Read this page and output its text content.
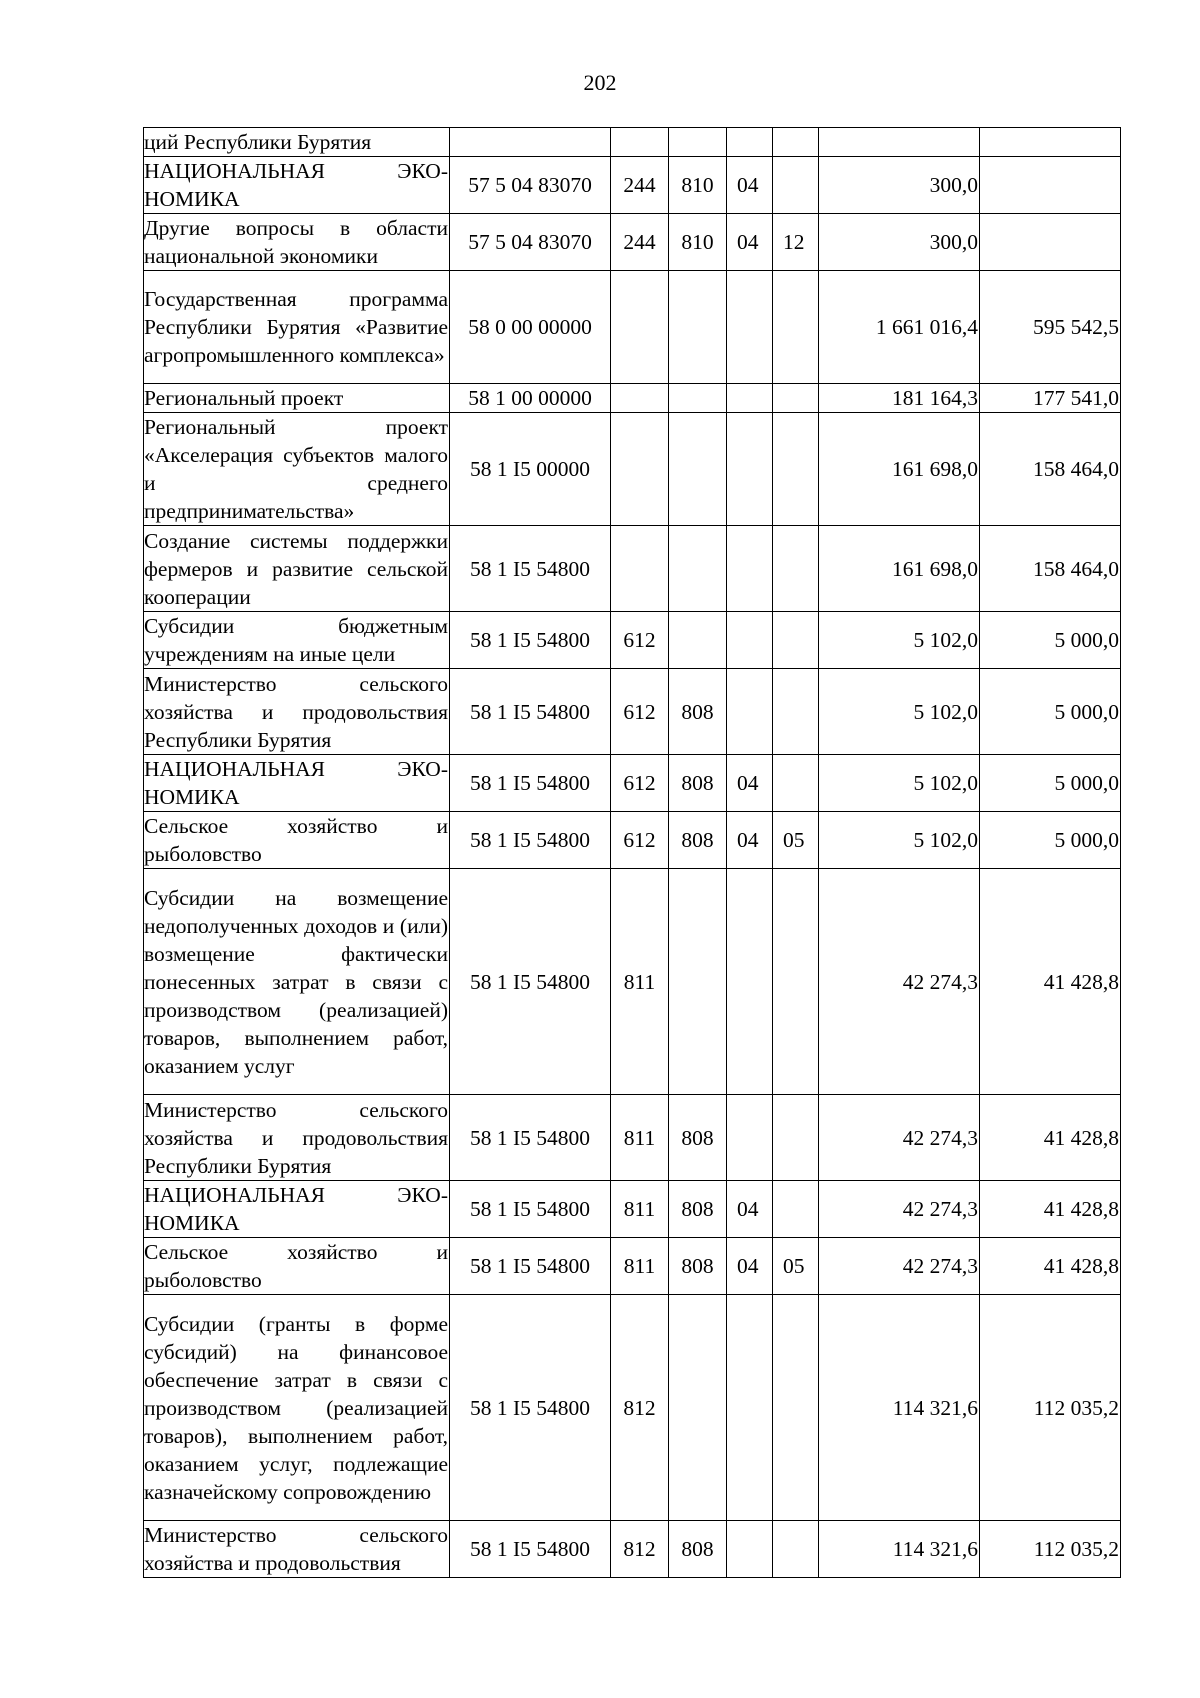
202
ций Республики Бурятия							
НАЦИОНАЛЬНАЯ ЭКО-НОМИКА	57 5 04 83070	244	810	04		300,0	
Другие вопросы в области национальной экономики	57 5 04 83070	244	810	04	12	300,0	
Государственная программа Республики Бурятия «Развитие агропромышленного комплекса»	58 0 00 00000					1 661 016,4	595 542,5
Региональный проект	58 1 00 00000					181 164,3	177 541,0
Региональный проект «Акселерация субъектов малого и среднего предпринимательства»	58 1 I5 00000					161 698,0	158 464,0
Создание системы поддержки фермеров и развитие сельской кооперации	58 1 I5 54800					161 698,0	158 464,0
Субсидии бюджетным учреждениям на иные цели	58 1 I5 54800	612				5 102,0	5 000,0
Министерство сельского хозяйства и продовольствия Республики Бурятия	58 1 I5 54800	612	808			5 102,0	5 000,0
НАЦИОНАЛЬНАЯ ЭКО-НОМИКА	58 1 I5 54800	612	808	04		5 102,0	5 000,0
Сельское хозяйство и рыболовство	58 1 I5 54800	612	808	04	05	5 102,0	5 000,0
Субсидии на возмещение недополученных доходов и (или) возмещение фактически понесенных затрат в связи с производством (реализацией) товаров, выполнением работ, оказанием услуг	58 1 I5 54800	811				42 274,3	41 428,8
Министерство сельского хозяйства и продовольствия Республики Бурятия	58 1 I5 54800	811	808			42 274,3	41 428,8
НАЦИОНАЛЬНАЯ ЭКО-НОМИКА	58 1 I5 54800	811	808	04		42 274,3	41 428,8
Сельское хозяйство и рыболовство	58 1 I5 54800	811	808	04	05	42 274,3	41 428,8
Субсидии (гранты в форме субсидий) на финансовое обеспечение затрат в связи с производством (реализацией товаров), выполнением работ, оказанием услуг, подлежащие казначейскому сопровождению	58 1 I5 54800	812				114 321,6	112 035,2
Министерство сельского хозяйства и продовольствия	58 1 I5 54800	812	808			114 321,6	112 035,2
